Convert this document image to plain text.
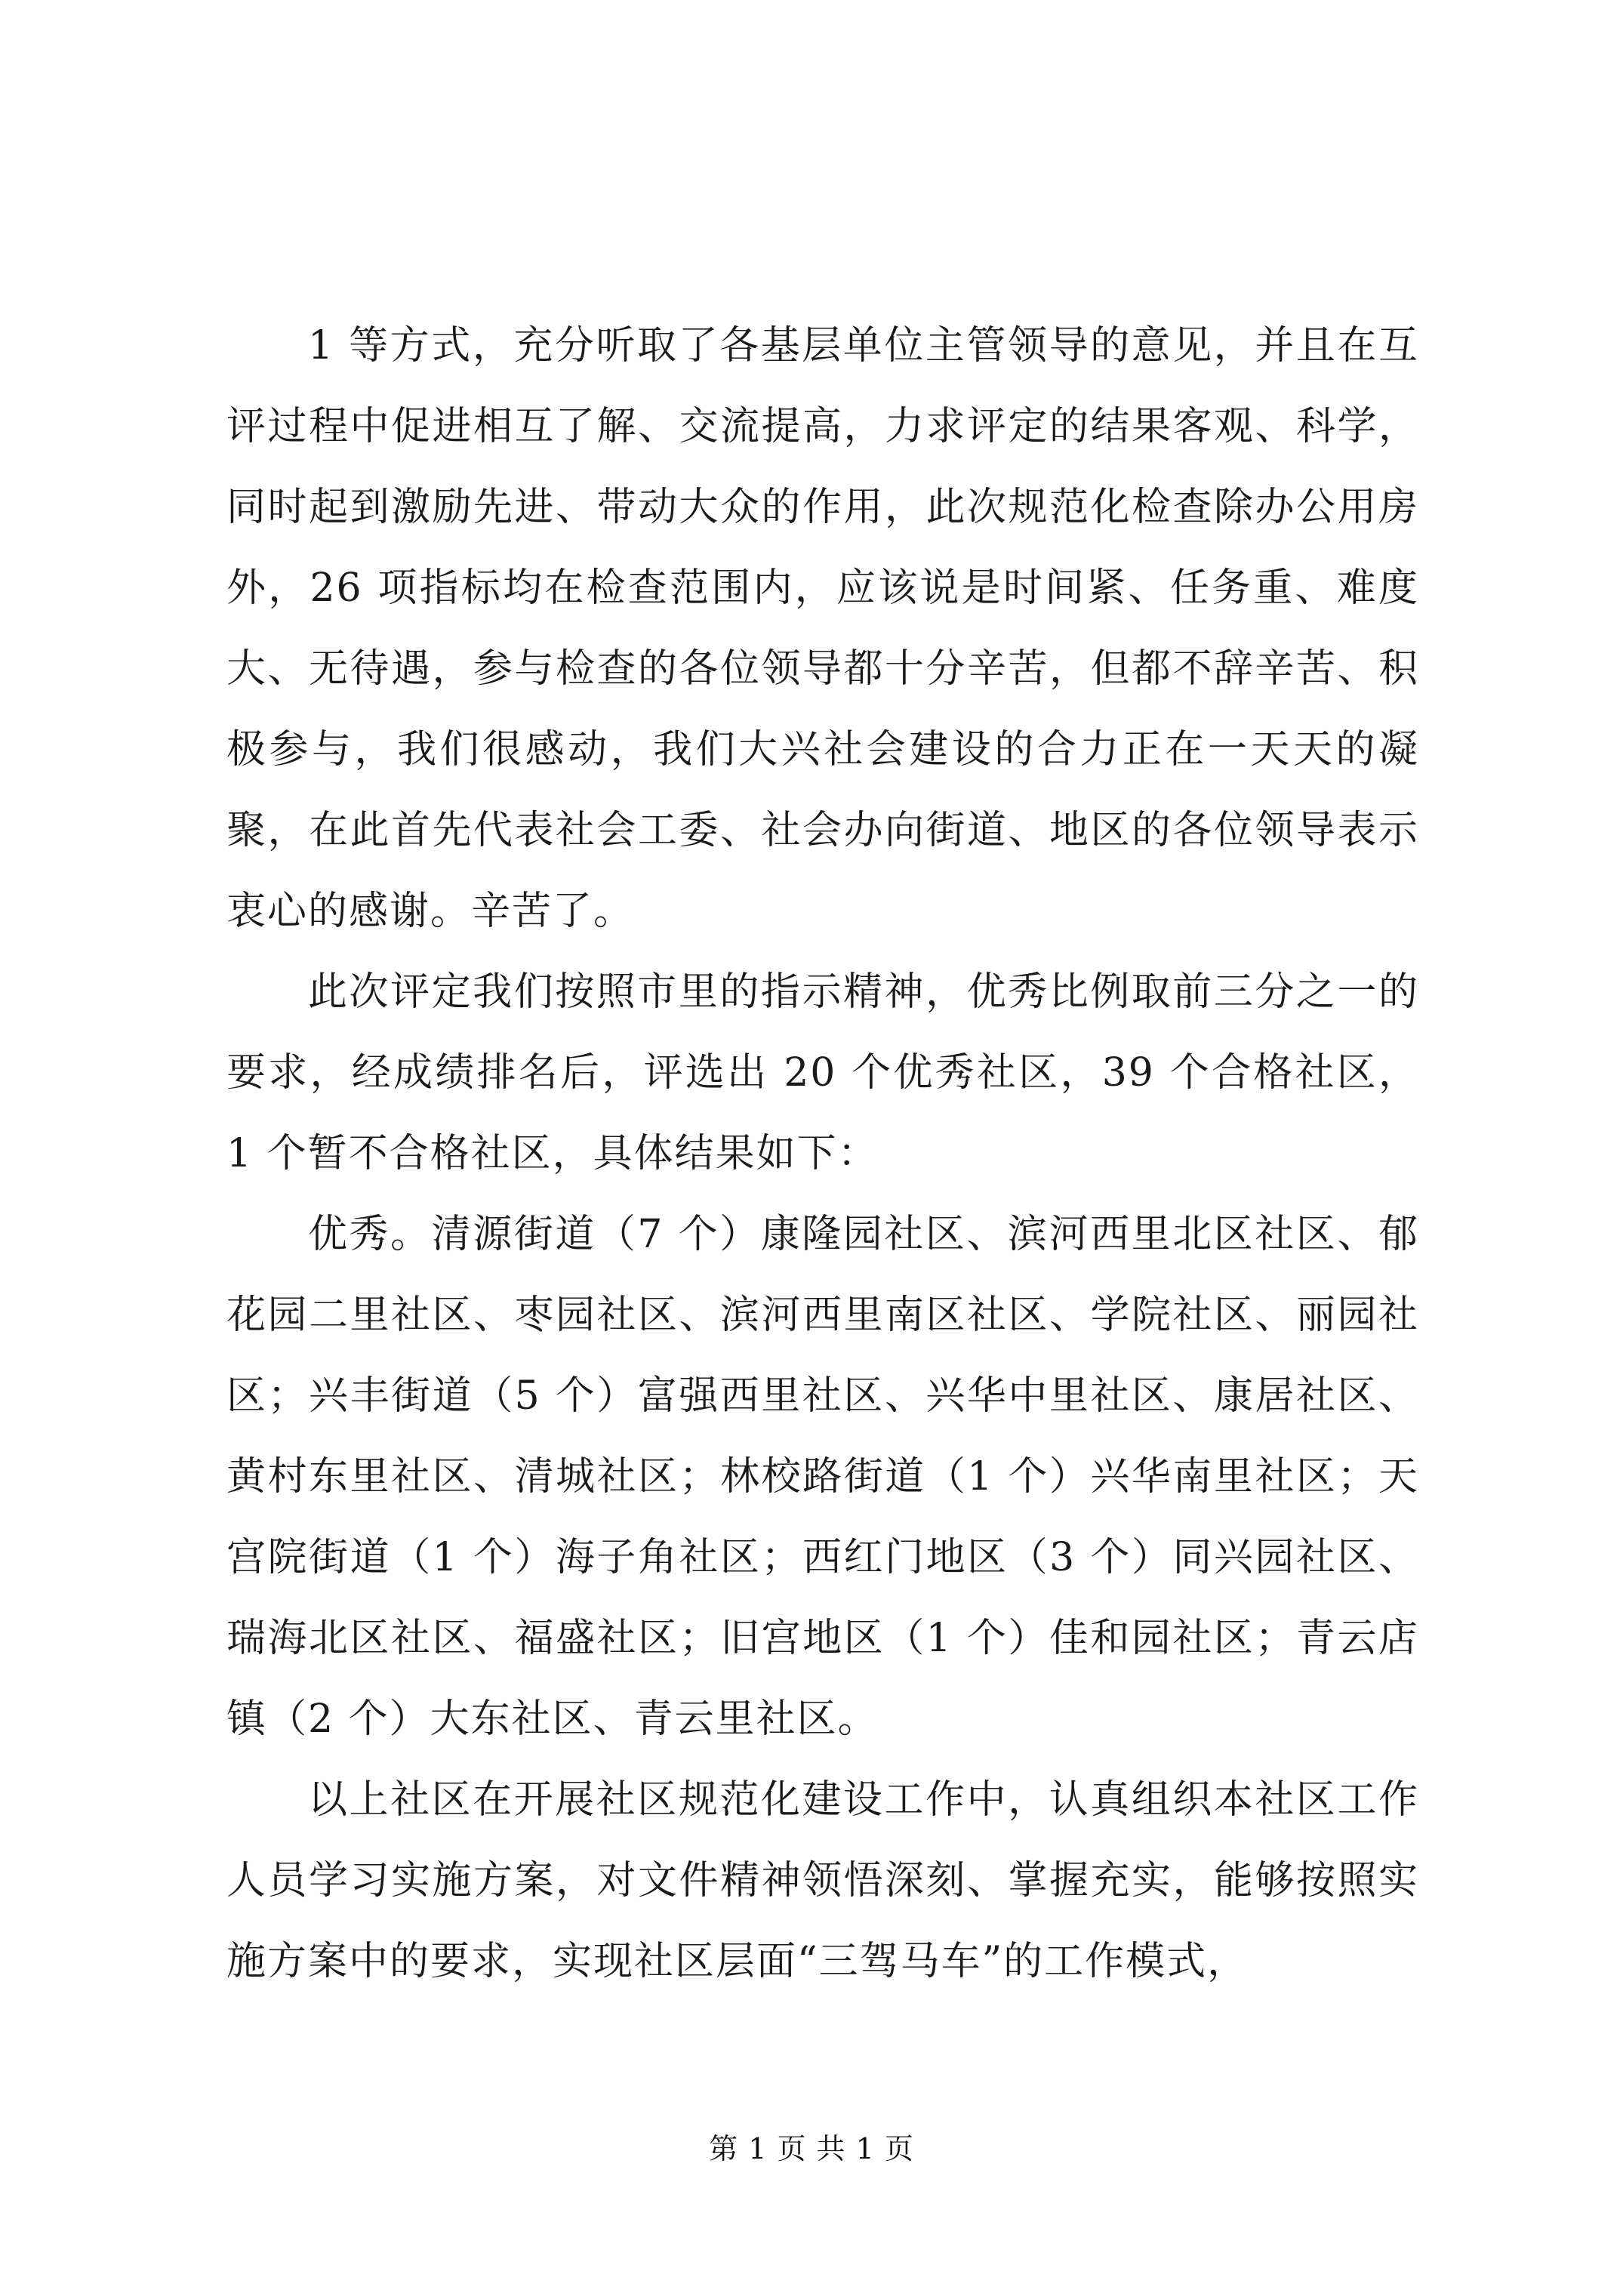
1 等方式，充分听取了各基层单位主管领导的意见，并且在互评过程中促进相互了解、交流提高，力求评定的结果客观、科学，同时起到激励先进、带动大众的作用，此次规范化检查除办公用房外，26 项指标均在检查范围内，应该说是时间紧、任务重、难度大、无待遇，参与检查的各位领导都十分辛苦，但都不辞辛苦、积极参与，我们很感动，我们大兴社会建设的合力正在一天天的凝聚，在此首先代表社会工委、社会办向街道、地区的各位领导表示衷心的感谢。辛苦了。

此次评定我们按照市里的指示精神，优秀比例取前三分之一的要求，经成绩排名后，评选出 20 个优秀社区，39 个合格社区，1 个暂不合格社区，具体结果如下：

优秀。清源街道（7 个）康隆园社区、滨河西里北区社区、郁花园二里社区、枣园社区、滨河西里南区社区、学院社区、丽园社区；兴丰街道（5 个）富强西里社区、兴华中里社区、康居社区、黄村东里社区、清城社区；林校路街道（1 个）兴华南里社区；天宫院街道（1 个）海子角社区；西红门地区（3 个）同兴园社区、瑞海北区社区、福盛社区；旧宫地区（1 个）佳和园社区；青云店镇（2 个）大东社区、青云里社区。

以上社区在开展社区规范化建设工作中，认真组织本社区工作人员学习实施方案，对文件精神领悟深刻、掌握充实，能够按照实施方案中的要求，实现社区层面“三驾马车”的工作模式，

第 1 页 共 1 页
